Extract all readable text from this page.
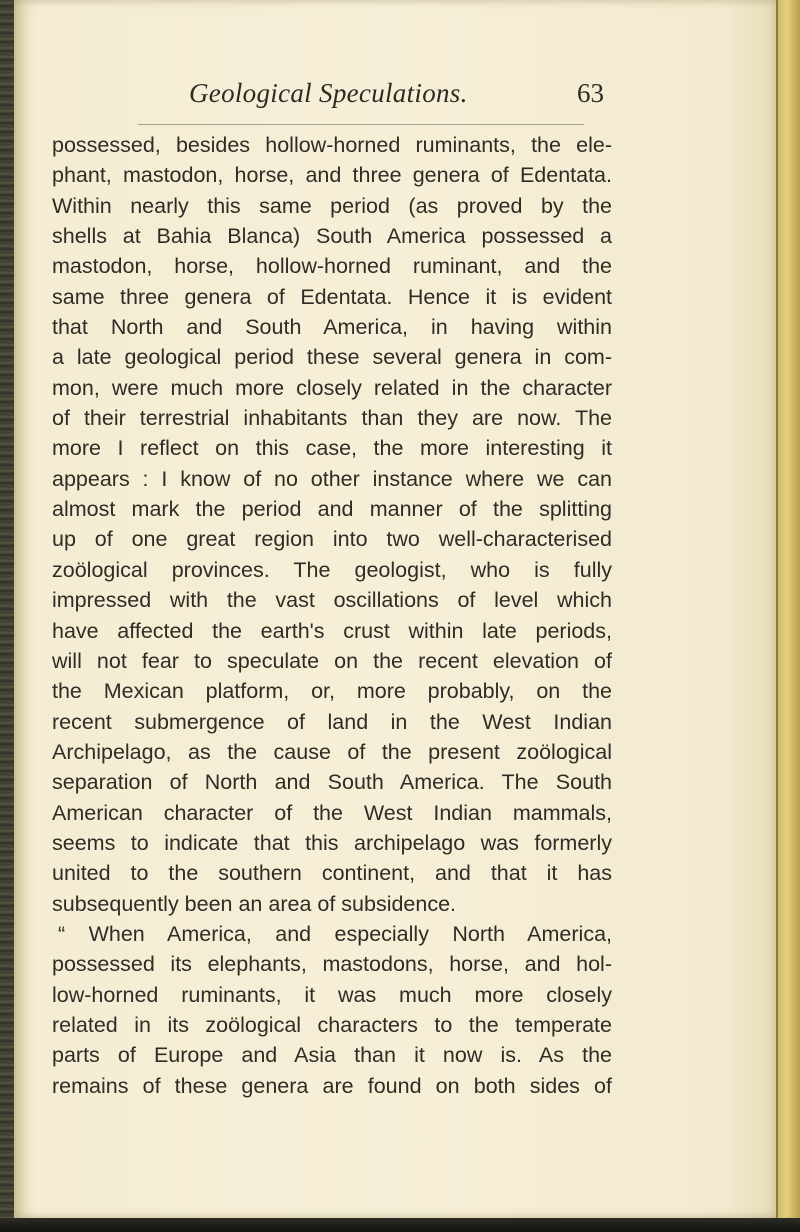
Geological Speculations.	63
possessed, besides hollow-horned ruminants, the ele-
phant, mastodon, horse, and three genera of Edentata.
Within nearly this same period (as proved by the
shells at Bahia Blanca) South America possessed a
mastodon, horse, hollow-horned ruminant, and the
same three genera of Edentata. Hence it is evident
that North and South America, in having within
a late geological period these several genera in com-
mon, were much more closely related in the character
of their terrestrial inhabitants than they are now. The
more I reflect on this case, the more interesting it
appears : I know of no other instance where we can
almost mark the period and manner of the splitting
up of one great region into two well-characterised
zoölogical provinces. The geologist, who is fully
impressed with the vast oscillations of level which
have affected the earth's crust within late periods,
will not fear to speculate on the recent elevation of
the Mexican platform, or, more probably, on the
recent submergence of land in the West Indian
Archipelago, as the cause of the present zoölogical
separation of North and South America. The South
American character of the West Indian mammals,
seems to indicate that this archipelago was formerly
united to the southern continent, and that it has
subsequently been an area of subsidence.
“ When America, and especially North America,
possessed its elephants, mastodons, horse, and hol-
low-horned ruminants, it was much more closely
related in its zoölogical characters to the temperate
parts of Europe and Asia than it now is. As the
remains of these genera are found on both sides of
